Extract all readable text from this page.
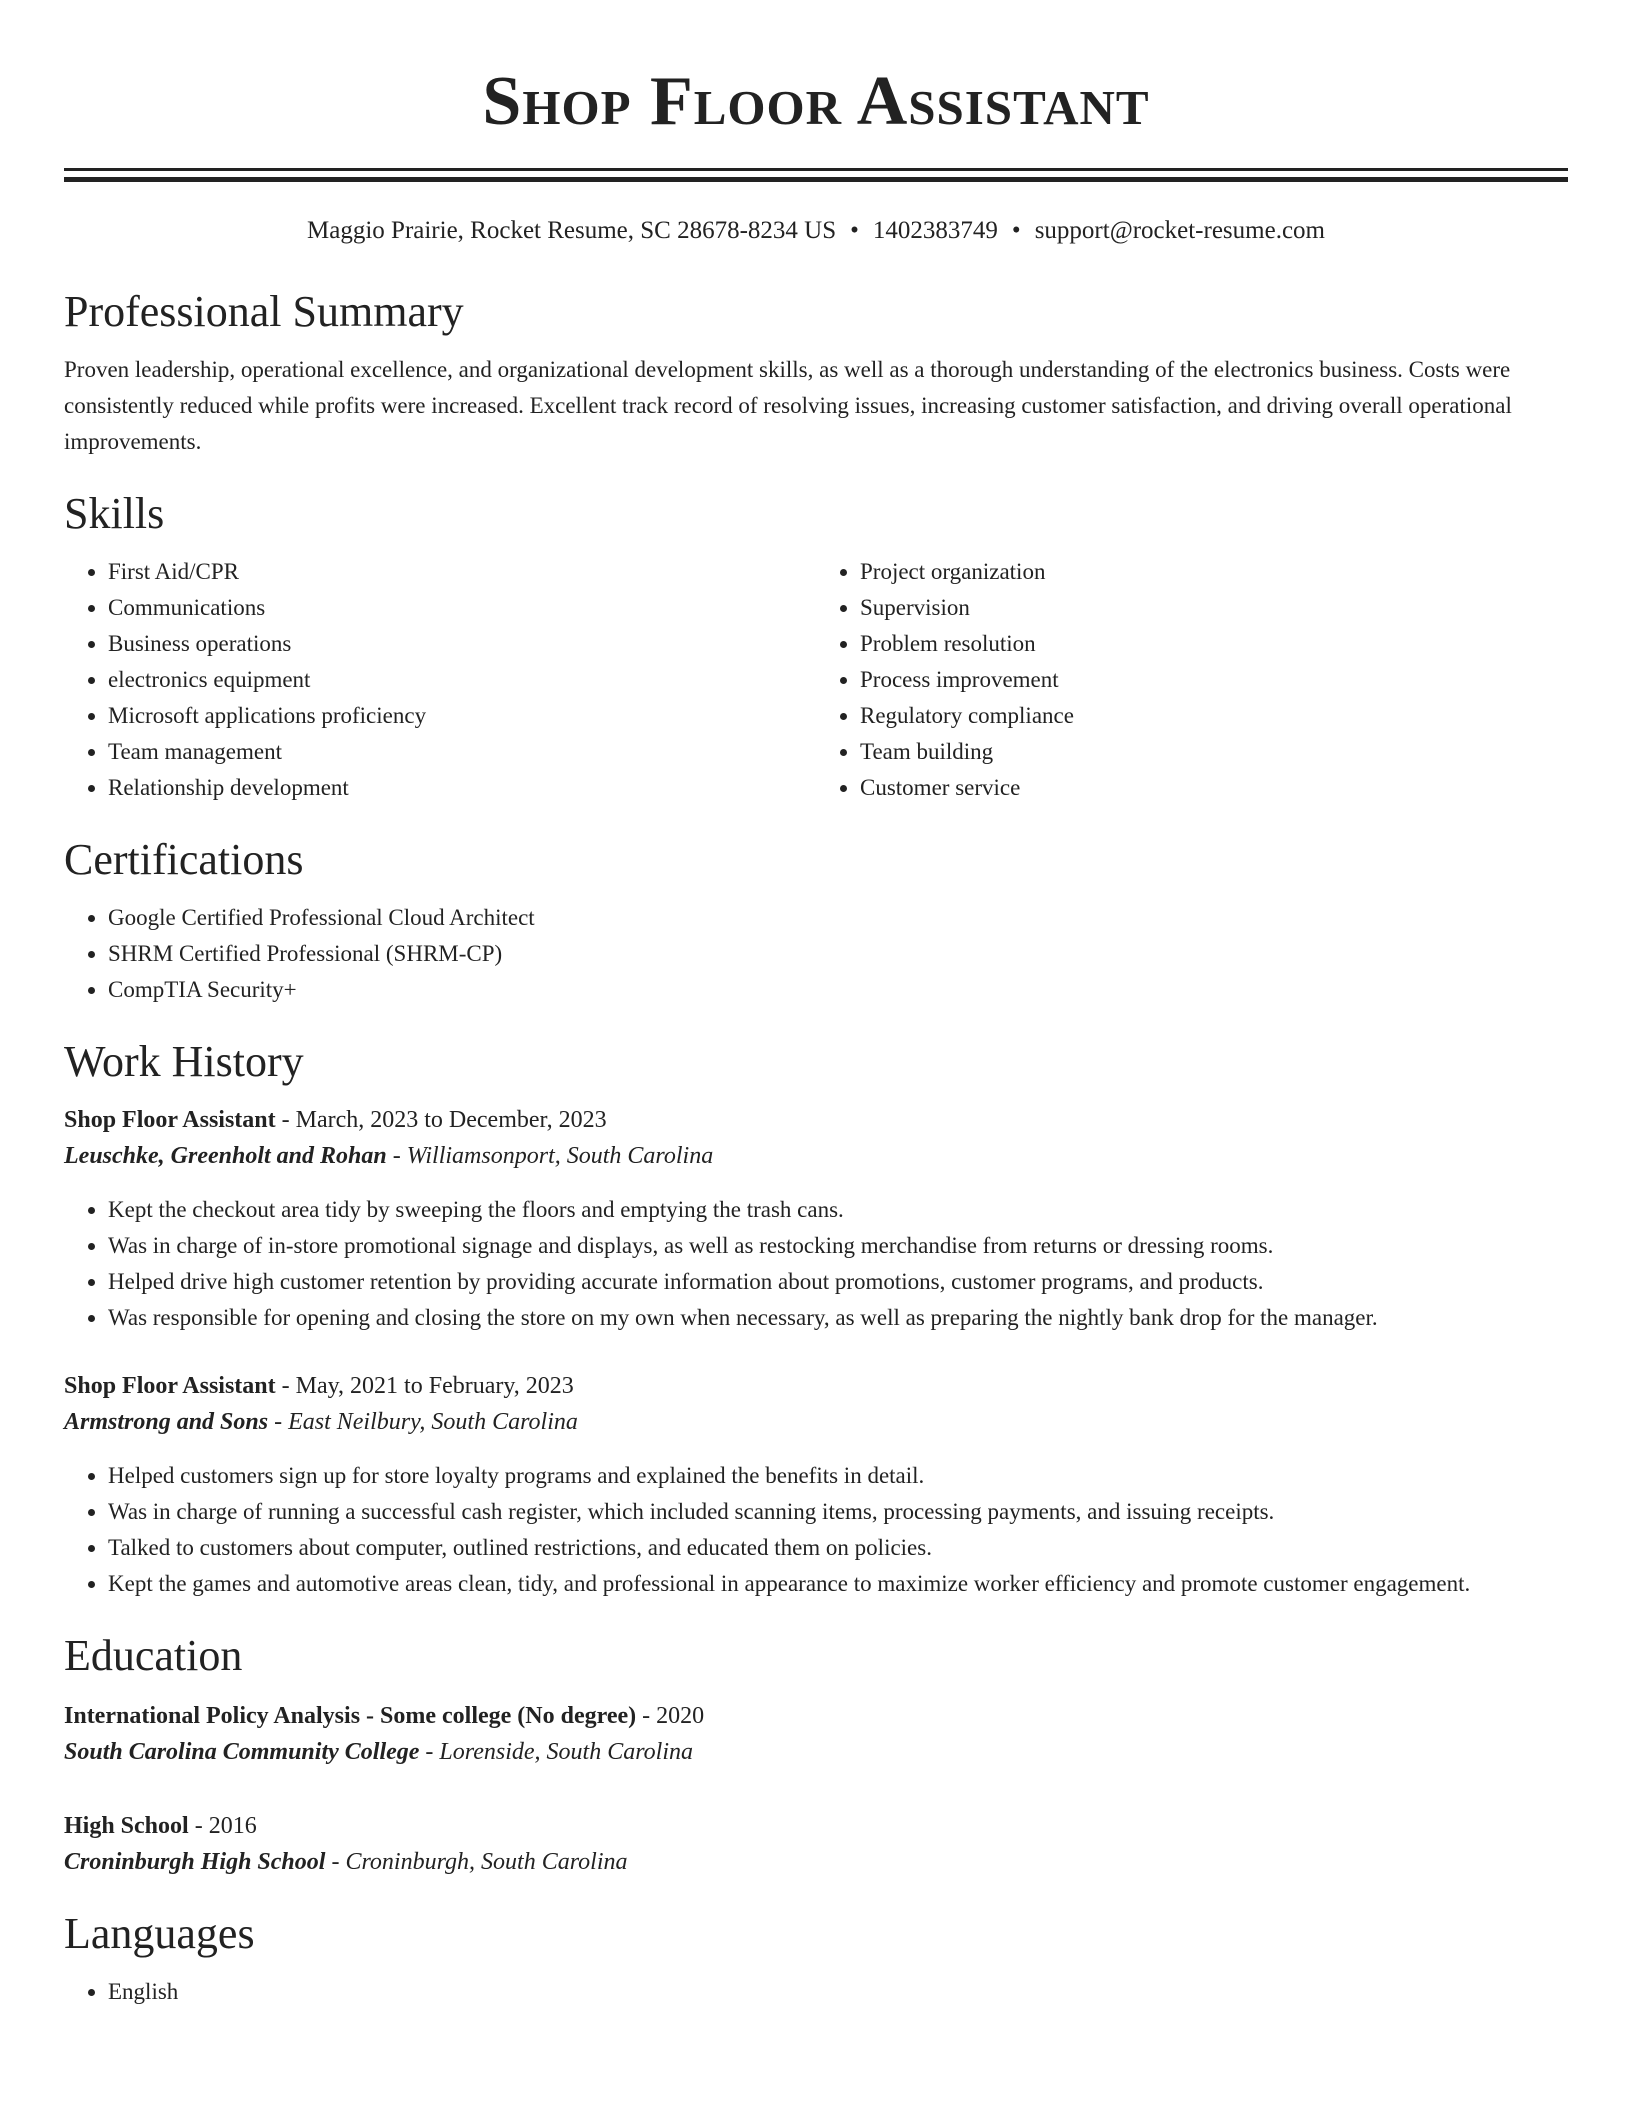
Shop Floor Assistant
Maggio Prairie, Rocket Resume, SC 28678-8234 US • 1402383749 • support@rocket-resume.com
Professional Summary

Proven leadership, operational excellence, and organizational development skills, as well as a thorough understanding of the electronics business. Costs were consistently reduced while profits were increased. Excellent track record of resolving issues, increasing customer satisfaction, and driving overall operational improvements.

Skills
• First Aid/CPR
• Communications
• Business operations
• electronics equipment
• Microsoft applications proficiency
• Team management
• Relationship development
• Project organization
• Supervision
• Problem resolution
• Process improvement
• Regulatory compliance
• Team building
• Customer service
Certifications
• Google Certified Professional Cloud Architect
• SHRM Certified Professional (SHRM-CP)
• CompTIA Security+
Work History
Shop Floor Assistant - March, 2023 to December, 2023
Leuschke, Greenholt and Rohan - Williamsonport, South Carolina
• Kept the checkout area tidy by sweeping the floors and emptying the trash cans.
• Was in charge of in-store promotional signage and displays, as well as restocking merchandise from returns or dressing rooms.
• Helped drive high customer retention by providing accurate information about promotions, customer programs, and products.
• Was responsible for opening and closing the store on my own when necessary, as well as preparing the nightly bank drop for the manager.
Shop Floor Assistant - May, 2021 to February, 2023
Armstrong and Sons - East Neilbury, South Carolina
• Helped customers sign up for store loyalty programs and explained the benefits in detail.
• Was in charge of running a successful cash register, which included scanning items, processing payments, and issuing receipts.
• Talked to customers about computer, outlined restrictions, and educated them on policies.
• Kept the games and automotive areas clean, tidy, and professional in appearance to maximize worker efficiency and promote customer engagement.
Education
International Policy Analysis - Some college (No degree) - 2020
South Carolina Community College - Lorenside, South Carolina
High School - 2016
Croninburgh High School - Croninburgh, South Carolina
Languages
• English
